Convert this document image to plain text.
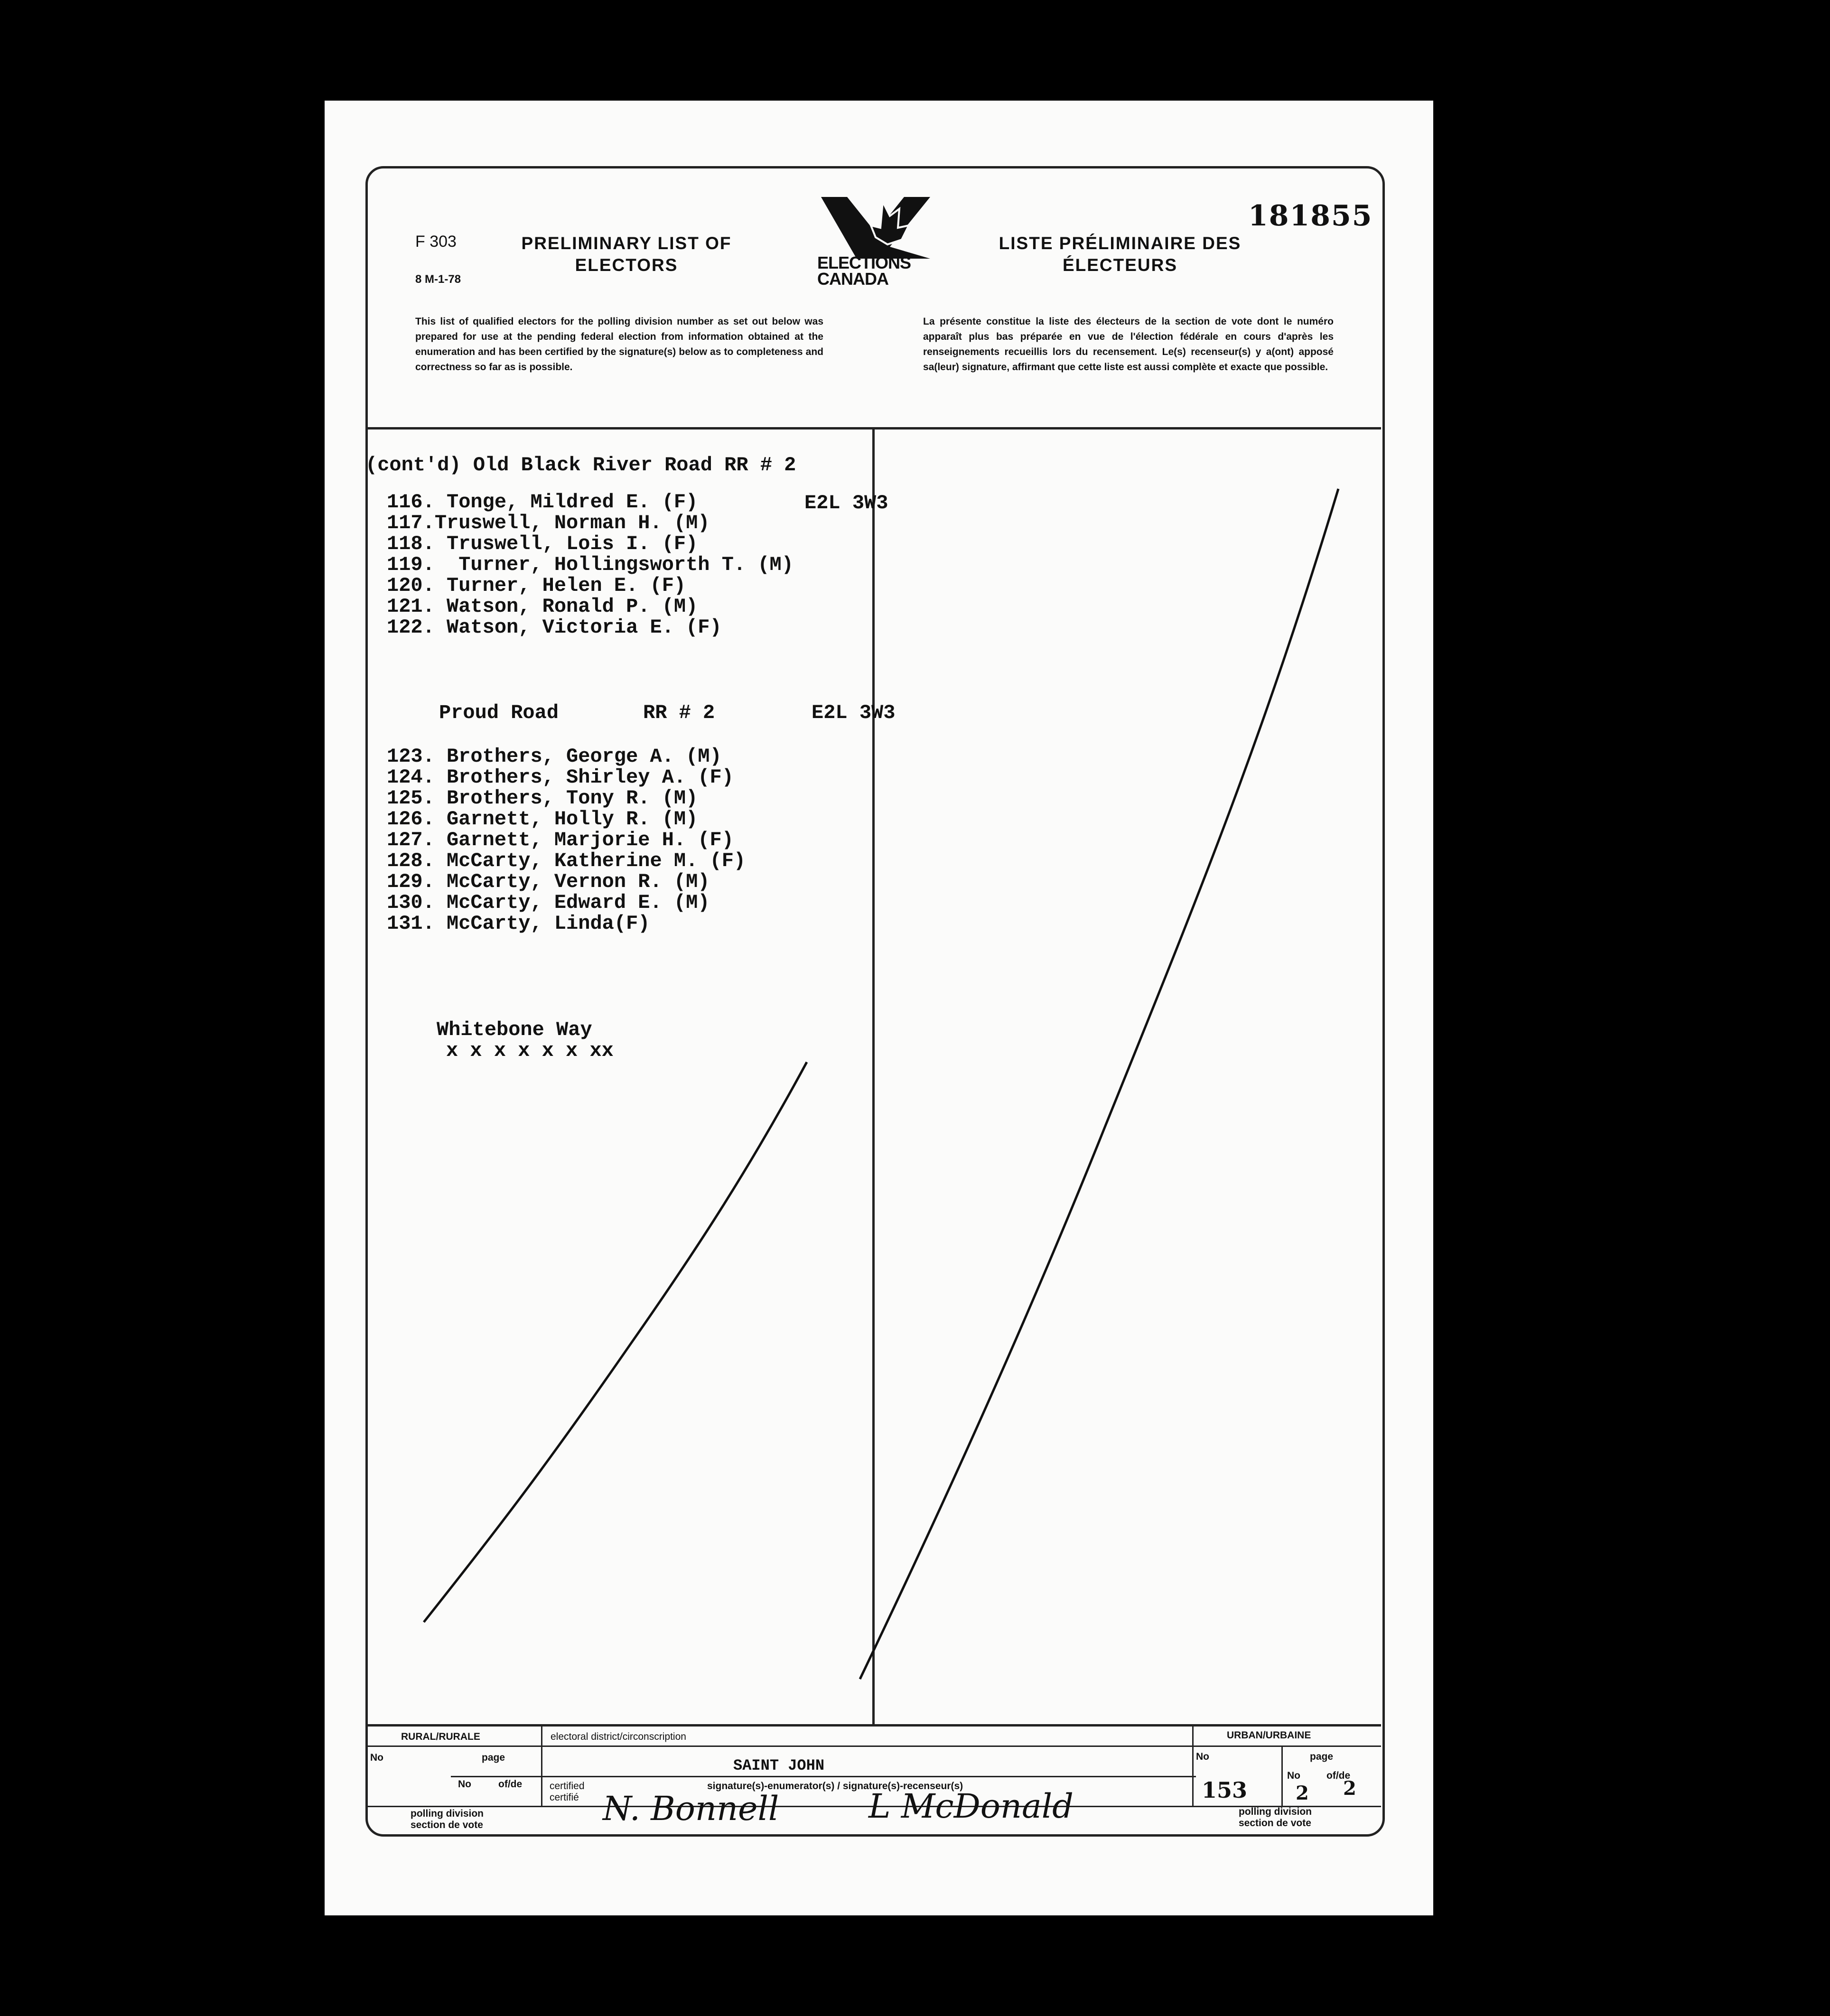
F 303
8 M-1-78
PRELIMINARY LIST OF
ELECTORS	ELECTIONS
CANADA
LISTE PRÉLIMINAIRE DES
ÉLECTEURS
181855
This list of qualified electors for the polling division number as set out below was prepared for use at the pending federal election from information obtained at the enumeration and has been certified by the signature(s) below as to completeness and correctness so far as is possible.
La présente constitue la liste des électeurs de la section de vote dont le numéro apparaît plus bas préparée en vue de l'élection fédérale en cours d'après les renseignements recueillis lors du recensement. Le(s) recenseur(s) y a(ont) apposé sa(leur) signature, affirmant que cette liste est aussi complète et exacte que possible.
(cont'd) Old Black River Road RR # 2
E2L 3W3
116. Tonge, Mildred E. (F)
117.Truswell, Norman H. (M)
118. Truswell, Lois I. (F)
119.  Turner, Hollingsworth T. (M)
120. Turner, Helen E. (F)
121. Watson, Ronald P. (M)
122. Watson, Victoria E. (F)
Proud Road	RR # 2	E2L 3W3
123. Brothers, George A. (M)
124. Brothers, Shirley A. (F)
125. Brothers, Tony R. (M)
126. Garnett, Holly R. (M)
127. Garnett, Marjorie H. (F)
128. McCarty, Katherine M. (F)
129. McCarty, Vernon R. (M)
130. McCarty, Edward E. (M)
131. McCarty, Linda(F)
Whitebone Way
x x x x x x xx
RURAL/RURALE	electoral district/circonscription
SAINT JOHN
URBAN/URBAINE
No	page
No	of/de
No	page
153
No	of/de
2 2
certified
certifié
signature(s)-enumerator(s) / signature(s)-recenseur(s)
polling division
section de vote
polling division
section de vote
N. Bonnell	L McDonald
